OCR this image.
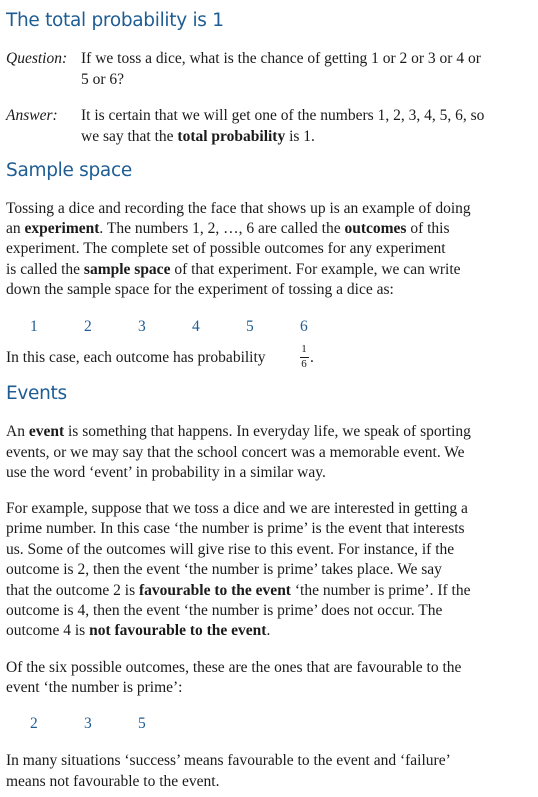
The total probability is 1
Question: If we toss a dice, what is the chance of getting 1 or 2 or 3 or 4 or
5 or 6?
Answer: It is certain that we will get one of the numbers 1, 2, 3, 4, 5, 6, so
we say that the total probability is 1.
Sample space
Tossing a dice and recording the face that shows up is an example of doing
an experiment. The numbers 1, 2, …, 6 are called the outcomes of this
experiment. The complete set of possible outcomes for any experiment
is called the sample space of that experiment. For example, we can write
down the sample space for the experiment of tossing a dice as:
1	2	3	4	5	6
In this case, each outcome has probability	1
6 .
Events
An event is something that happens. In everyday life, we speak of sporting
events, or we may say that the school concert was a memorable event. We
use the word ‘event’ in probability in a similar way.
For example, suppose that we toss a dice and we are interested in getting a
prime number. In this case ‘the number is prime’ is the event that interests
us. Some of the outcomes will give rise to this event. For instance, if the
outcome is 2, then the event ‘the number is prime’ takes place. We say
that the outcome 2 is favourable to the event ‘the number is prime’. If the
outcome is 4, then the event ‘the number is prime’ does not occur. The
outcome 4 is not favourable to the event.
Of the six possible outcomes, these are the ones that are favourable to the
event ‘the number is prime’:
2	3	5
In many situations ‘success’ means favourable to the event and ‘failure’
means not favourable to the event.
